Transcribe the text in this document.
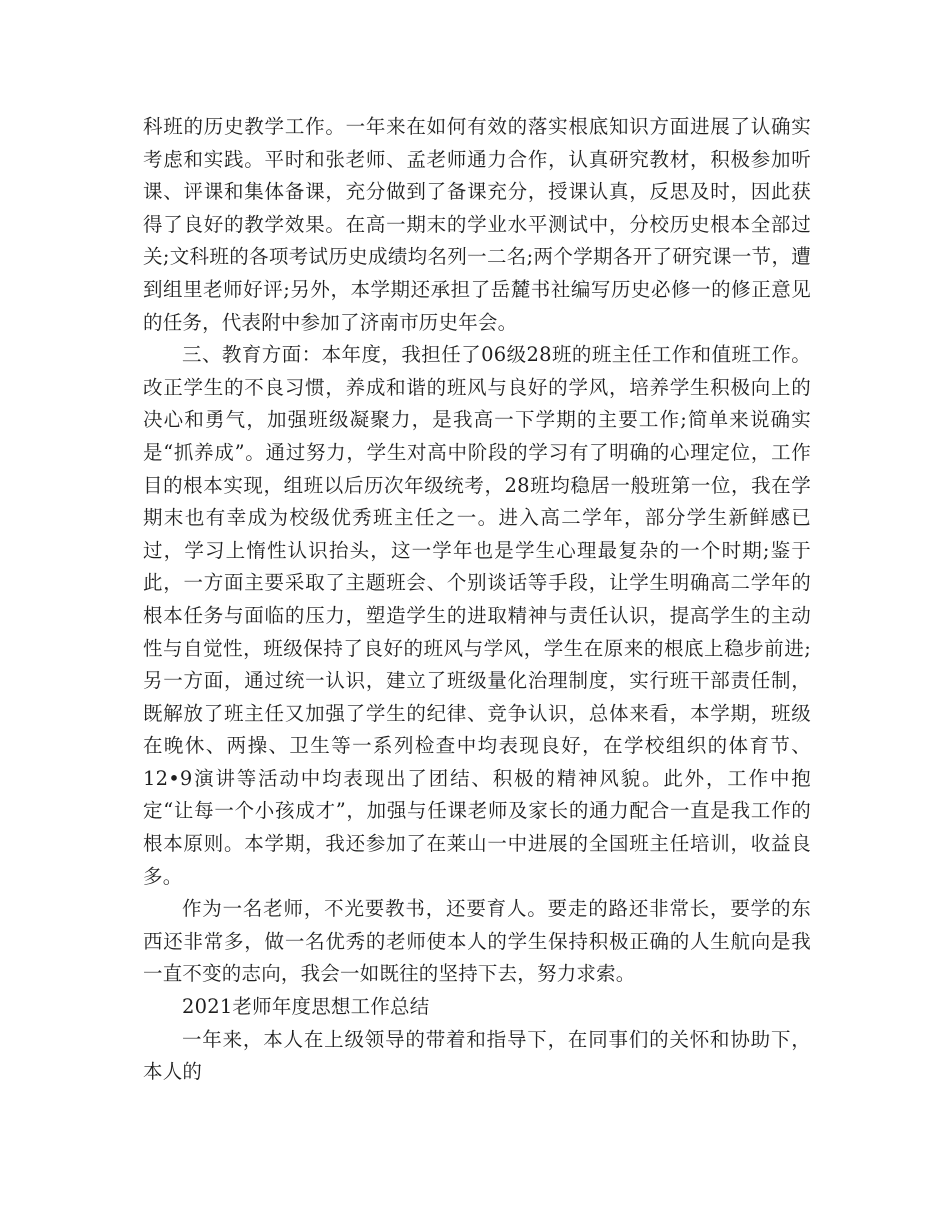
科班的历史教学工作。一年来在如何有效的落实根底知识方面进展了认确实考虑和实践。平时和张老师、孟老师通力合作，认真研究教材，积极参加听课、评课和集体备课，充分做到了备课充分，授课认真，反思及时，因此获得了良好的教学效果。在高一期末的学业水平测试中，分校历史根本全部过关;文科班的各项考试历史成绩均名列一二名;两个学期各开了研究课一节，遭到组里老师好评;另外，本学期还承担了岳麓书社编写历史必修一的修正意见的任务，代表附中参加了济南市历史年会。

三、教育方面：本年度，我担任了06级28班的班主任工作和值班工作。改正学生的不良习惯，养成和谐的班风与良好的学风，培养学生积极向上的决心和勇气，加强班级凝聚力，是我高一下学期的主要工作;简单来说确实是“抓养成”。通过努力，学生对高中阶段的学习有了明确的心理定位，工作目的根本实现，组班以后历次年级统考，28班均稳居一般班第一位，我在学期末也有幸成为校级优秀班主任之一。进入高二学年，部分学生新鲜感已过，学习上惰性认识抬头，这一学年也是学生心理最复杂的一个时期;鉴于此，一方面主要采取了主题班会、个别谈话等手段，让学生明确高二学年的根本任务与面临的压力，塑造学生的进取精神与责任认识，提高学生的主动性与自觉性，班级保持了良好的班风与学风，学生在原来的根底上稳步前进;另一方面，通过统一认识，建立了班级量化治理制度，实行班干部责任制，既解放了班主任又加强了学生的纪律、竞争认识，总体来看，本学期，班级在晚休、两操、卫生等一系列检查中均表现良好，在学校组织的体育节、12•9演讲等活动中均表现出了团结、积极的精神风貌。此外，工作中抱定“让每一个小孩成才”，加强与任课老师及家长的通力配合一直是我工作的根本原则。本学期，我还参加了在莱山一中进展的全国班主任培训，收益良多。

作为一名老师，不光要教书，还要育人。要走的路还非常长，要学的东西还非常多，做一名优秀的老师使本人的学生保持积极正确的人生航向是我一直不变的志向，我会一如既往的坚持下去，努力求索。

2021老师年度思想工作总结

一年来，本人在上级领导的带着和指导下，在同事们的关怀和协助下，本人的
